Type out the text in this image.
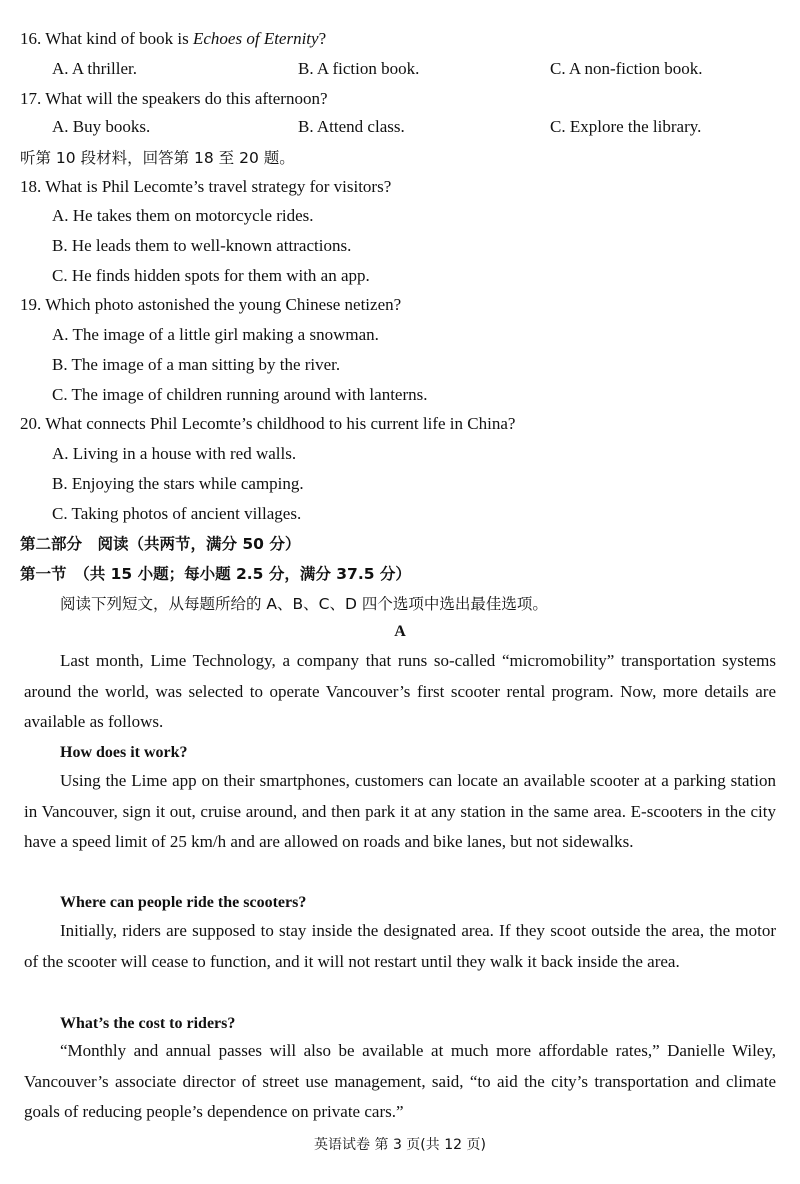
16. What kind of book is Echoes of Eternity?
A. A thriller.	B. A fiction book.	C. A non-fiction book.
17. What will the speakers do this afternoon?
A. Buy books.	B. Attend class.	C. Explore the library.
听第 10 段材料，回答第 18 至 20 题。
18. What is Phil Lecomte’s travel strategy for visitors?
A. He takes them on motorcycle rides.
B. He leads them to well-known attractions.
C. He finds hidden spots for them with an app.
19. Which photo astonished the young Chinese netizen?
A. The image of a little girl making a snowman.
B. The image of a man sitting by the river.
C. The image of children running around with lanterns.
20. What connects Phil Lecomte’s childhood to his current life in China?
A. Living in a house with red walls.
B. Enjoying the stars while camping.
C. Taking photos of ancient villages.
第二部分　阅读（共两节，满分 50 分）
第一节　（共 15 小题；每小题 2.5 分，满分 37.5 分）
阅读下列短文，从每题所给的 A、B、C、D 四个选项中选出最佳选项。
A
Last month, Lime Technology, a company that runs so-called “micromobility” transportation systems around the world, was selected to operate Vancouver’s first scooter rental program. Now, more details are available as follows.
How does it work?
Using the Lime app on their smartphones, customers can locate an available scooter at a parking station in Vancouver, sign it out, cruise around, and then park it at any station in the same area. E-scooters in the city have a speed limit of 25 km/h and are allowed on roads and bike lanes, but not sidewalks.
Where can people ride the scooters?
Initially, riders are supposed to stay inside the designated area. If they scoot outside the area, the motor of the scooter will cease to function, and it will not restart until they walk it back inside the area.
What’s the cost to riders?
“Monthly and annual passes will also be available at much more affordable rates,” Danielle Wiley, Vancouver’s associate director of street use management, said, “to aid the city’s transportation and climate goals of reducing people’s dependence on private cars.”
英语试卷 第 3 页(共 12 页)
